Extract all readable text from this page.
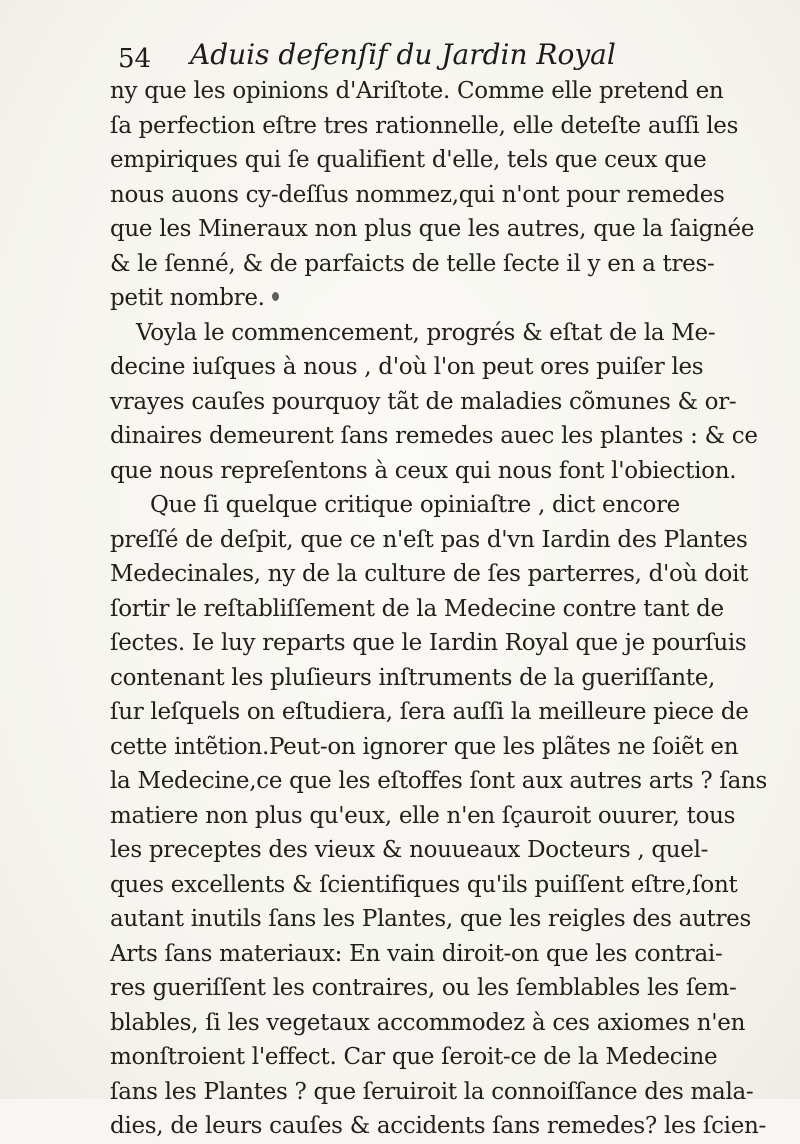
54 Aduis defenſif du Jardin Royal
ny que les opinions d'Ariſtote. Comme elle pretend en
ſa perfection eſtre tres rationnelle, elle deteſte auſſi les
empiriques qui ſe qualifient d'elle, tels que ceux que
nous auons cy-deſſus nommez,qui n'ont pour remedes
que les Mineraux non plus que les autres, que la ſaignée
& le ſenné, & de parfaicts de telle ſecte il y en a tres-
petit nombre.
Voyla le commencement, progrés & eſtat de la Me-
decine iuſques à nous , d'où l'on peut ores puiſer les
vrayes cauſes pourquoy tãt de maladies cõmunes & or-
dinaires demeurent ſans remedes auec les plantes : & ce
que nous repreſentons à ceux qui nous font l'obiection.
Que ſi quelque critique opiniaſtre , dict encore
preſſé de deſpit, que ce n'eſt pas d'vn Iardin des Plantes
Medecinales, ny de la culture de ſes parterres, d'où doit
ſortir le reſtabliſſement de la Medecine contre tant de
ſectes. Ie luy reparts que le Iardin Royal que je pourſuis
contenant les pluſieurs inſtruments de la gueriſſante,
ſur leſquels on eſtudiera, ſera auſſi la meilleure piece de
cette intẽtion.Peut-on ignorer que les plãtes ne ſoiẽt en
la Medecine,ce que les eſtoffes ſont aux autres arts ? ſans
matiere non plus qu'eux, elle n'en ſçauroit ouurer, tous
les preceptes des vieux & nouueaux Docteurs , quel-
ques excellents & ſcientifiques qu'ils puiſſent eſtre,ſont
autant inutils ſans les Plantes, que les reigles des autres
Arts ſans materiaux: En vain diroit-on que les contrai-
res gueriſſent les contraires, ou les ſemblables les ſem-
blables, ſi les vegetaux accommodez à ces axiomes n'en
monſtroient l'effect. Car que ſeroit-ce de la Medecine
ſans les Plantes ? que ſeruiroit la connoiſſance des mala-
dies, de leurs cauſes & accidents ſans remedes? les ſcien-
